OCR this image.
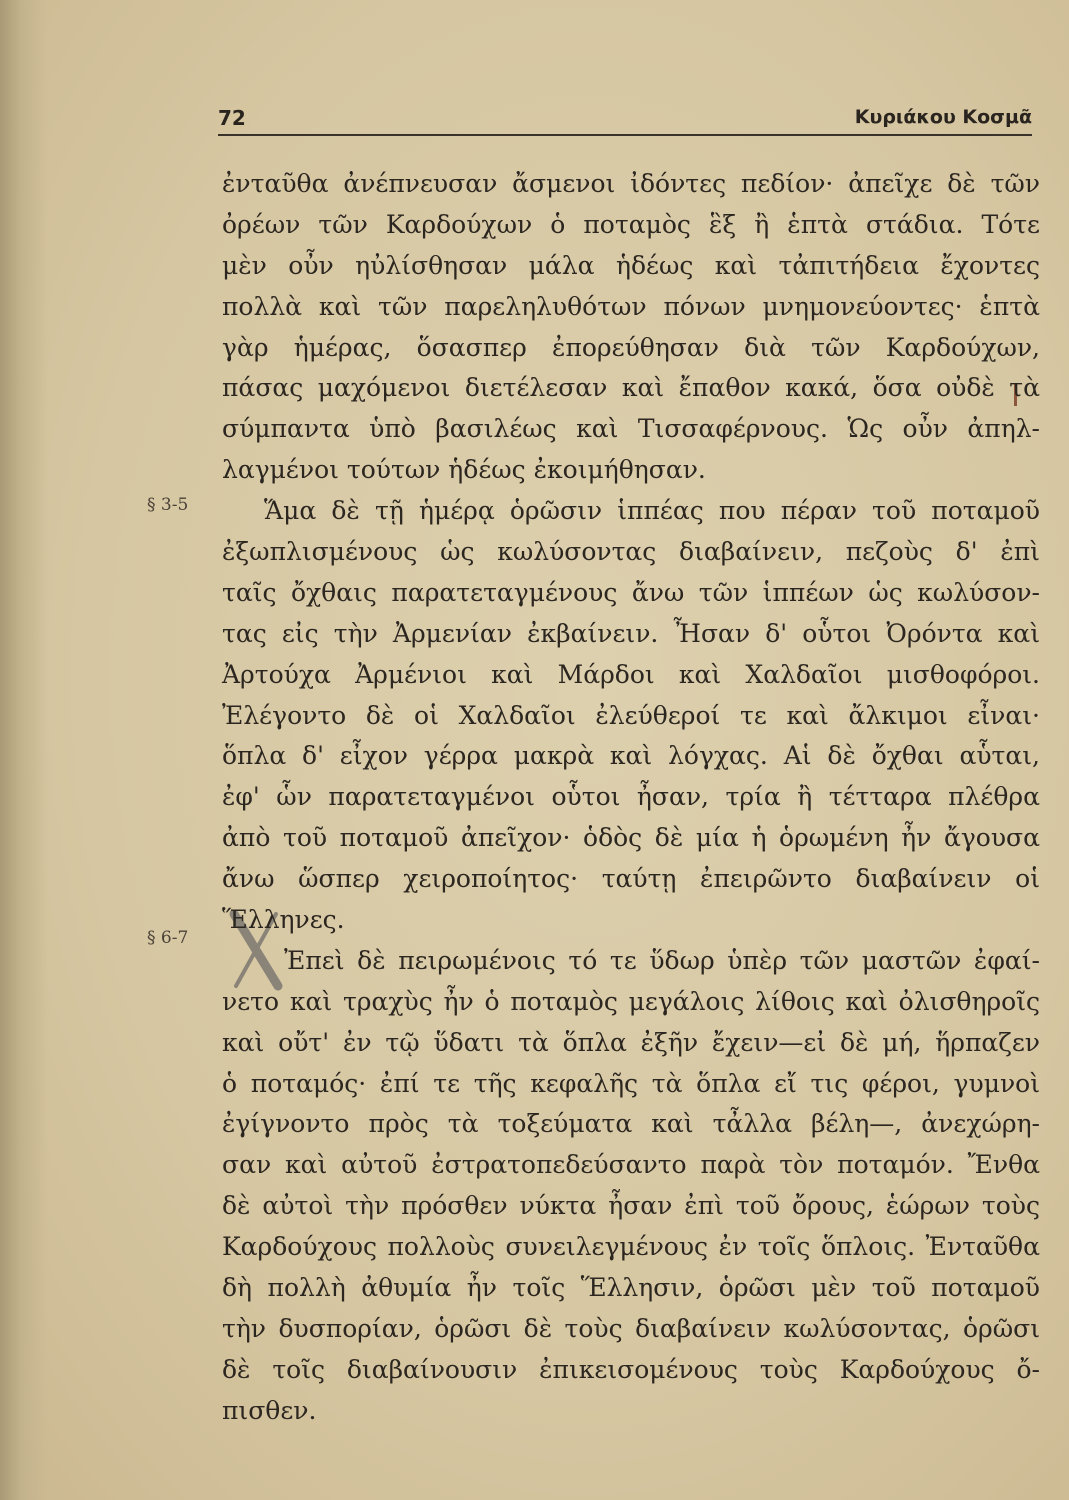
72	Κυριάκου Κοσμᾶ
§ 3-5
§ 6-7
ἐνταῦθα ἀνέπνευσαν ἄσμενοι ἰδόντες πεδίον· ἀπεῖχε δὲ τῶν
ὀρέων τῶν Καρδούχων ὁ ποταμὸς ἓξ ἢ ἑπτὰ στάδια. Τότε
μὲν οὖν ηὐλίσθησαν μάλα ἡδέως καὶ τἀπιτήδεια ἔχοντες
πολλὰ καὶ τῶν παρεληλυθότων πόνων μνημονεύοντες· ἑπτὰ
γὰρ ἡμέρας, ὅσασπερ ἐπορεύθησαν διὰ τῶν Καρδούχων,
πάσας μαχόμενοι διετέλεσαν καὶ ἔπαθον κακά, ὅσα οὐδὲ τὰ
σύμπαντα ὑπὸ βασιλέως καὶ Τισσαφέρνους. Ὡς οὖν ἀπηλ-
λαγμένοι τούτων ἡδέως ἐκοιμήθησαν.
Ἅμα δὲ τῇ ἡμέρᾳ ὁρῶσιν ἱππέας που πέραν τοῦ ποταμοῦ
ἐξωπλισμένους ὡς κωλύσοντας διαβαίνειν, πεζοὺς δ' ἐπὶ
ταῖς ὄχθαις παρατεταγμένους ἄνω τῶν ἱππέων ὡς κωλύσον-
τας εἰς τὴν Ἀρμενίαν ἐκβαίνειν. Ἦσαν δ' οὗτοι Ὀρόντα καὶ
Ἀρτούχα Ἀρμένιοι καὶ Μάρδοι καὶ Χαλδαῖοι μισθοφόροι.
Ἐλέγοντο δὲ οἱ Χαλδαῖοι ἐλεύθεροί τε καὶ ἄλκιμοι εἶναι·
ὅπλα δ' εἶχον γέρρα μακρὰ καὶ λόγχας. Αἱ δὲ ὄχθαι αὗται,
ἐφ' ὧν παρατεταγμένοι οὗτοι ἦσαν, τρία ἢ τέτταρα πλέθρα
ἀπὸ τοῦ ποταμοῦ ἀπεῖχον· ὁδὸς δὲ μία ἡ ὁρωμένη ἦν ἄγουσα
ἄνω ὥσπερ χειροποίητος· ταύτῃ ἐπειρῶντο διαβαίνειν οἱ
Ἕλληνες.
Ἐπεὶ δὲ πειρωμένοις τό τε ὕδωρ ὑπὲρ τῶν μαστῶν ἐφαί-
νετο καὶ τραχὺς ἦν ὁ ποταμὸς μεγάλοις λίθοις καὶ ὀλισθηροῖς
καὶ οὔτ' ἐν τῷ ὕδατι τὰ ὅπλα ἐξῆν ἔχειν—εἰ δὲ μή, ἥρπαζεν
ὁ ποταμός· ἐπί τε τῆς κεφαλῆς τὰ ὅπλα εἴ τις φέροι, γυμνοὶ
ἐγίγνοντο πρὸς τὰ τοξεύματα καὶ τἆλλα βέλη—, ἀνεχώρη-
σαν καὶ αὐτοῦ ἐστρατοπεδεύσαντο παρὰ τὸν ποταμόν. Ἔνθα
δὲ αὐτοὶ τὴν πρόσθεν νύκτα ἦσαν ἐπὶ τοῦ ὄρους, ἑώρων τοὺς
Καρδούχους πολλοὺς συνειλεγμένους ἐν τοῖς ὅπλοις. Ἐνταῦθα
δὴ πολλὴ ἀθυμία ἦν τοῖς Ἕλλησιν, ὁρῶσι μὲν τοῦ ποταμοῦ
τὴν δυσπορίαν, ὁρῶσι δὲ τοὺς διαβαίνειν κωλύσοντας, ὁρῶσι
δὲ τοῖς διαβαίνουσιν ἐπικεισομένους τοὺς Καρδούχους ὄ-
πισθεν.
